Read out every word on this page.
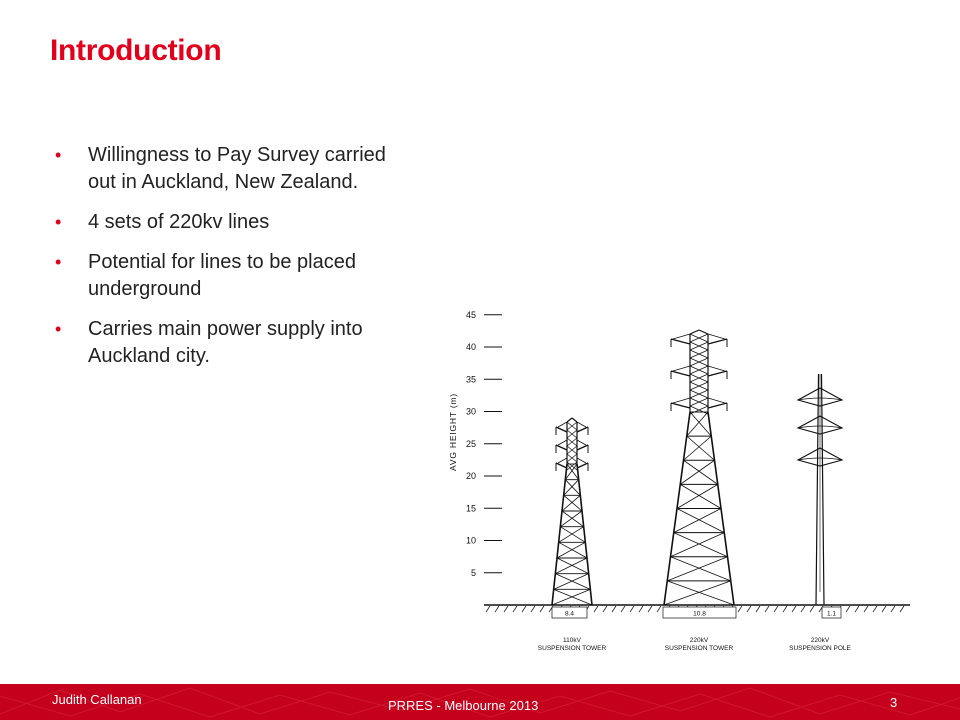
Introduction
• Willingness to Pay Survey carried out in Auckland, New Zealand.
• 4 sets of 220kv lines
• Potential for lines to be placed underground
• Carries main power supply into Auckland city.
AVG HEIGHT (m)
5
10
15
20
25
30
35
40
45
8.4
110kV
SUSPENSION TOWER
10.8
220kV
SUSPENSION TOWER
1.1
220kV
SUSPENSION POLE
Judith Callanan	PRRES - Melbourne 2013	3
